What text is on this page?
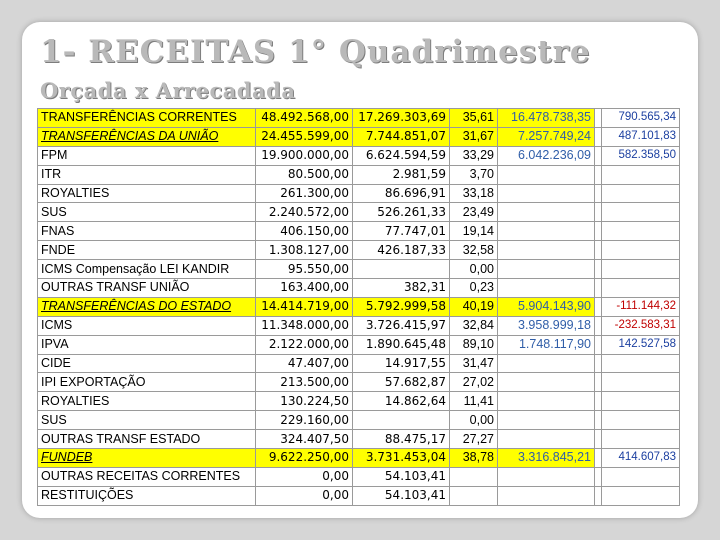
1- RECEITAS 1° Quadrimestre
Orçada x Arrecadada
TRANSFERÊNCIAS CORRENTES	48.492.568,00	17.269.303,69	35,61	16.478.738,35		790.565,34
TRANSFERÊNCIAS DA UNIÃO	24.455.599,00	7.744.851,07	31,67	7.257.749,24		487.101,83
FPM	19.900.000,00	6.624.594,59	33,29	6.042.236,09		582.358,50
ITR	80.500,00	2.981,59	3,70			
ROYALTIES	261.300,00	86.696,91	33,18			
SUS	2.240.572,00	526.261,33	23,49			
FNAS	406.150,00	77.747,01	19,14			
FNDE	1.308.127,00	426.187,33	32,58			
ICMS Compensação LEI KANDIR	95.550,00		0,00			
OUTRAS TRANSF UNIÃO	163.400,00	382,31	0,23			
TRANSFERÊNCIAS DO ESTADO	14.414.719,00	5.792.999,58	40,19	5.904.143,90		-111.144,32
ICMS	11.348.000,00	3.726.415,97	32,84	3.958.999,18		-232.583,31
IPVA	2.122.000,00	1.890.645,48	89,10	1.748.117,90		142.527,58
CIDE	47.407,00	14.917,55	31,47			
IPI EXPORTAÇÃO	213.500,00	57.682,87	27,02			
ROYALTIES	130.224,50	14.862,64	11,41			
SUS	229.160,00		0,00			
OUTRAS TRANSF ESTADO	324.407,50	88.475,17	27,27			
FUNDEB	9.622.250,00	3.731.453,04	38,78	3.316.845,21		414.607,83
OUTRAS RECEITAS CORRENTES	0,00	54.103,41				
RESTITUIÇÕES	0,00	54.103,41				
